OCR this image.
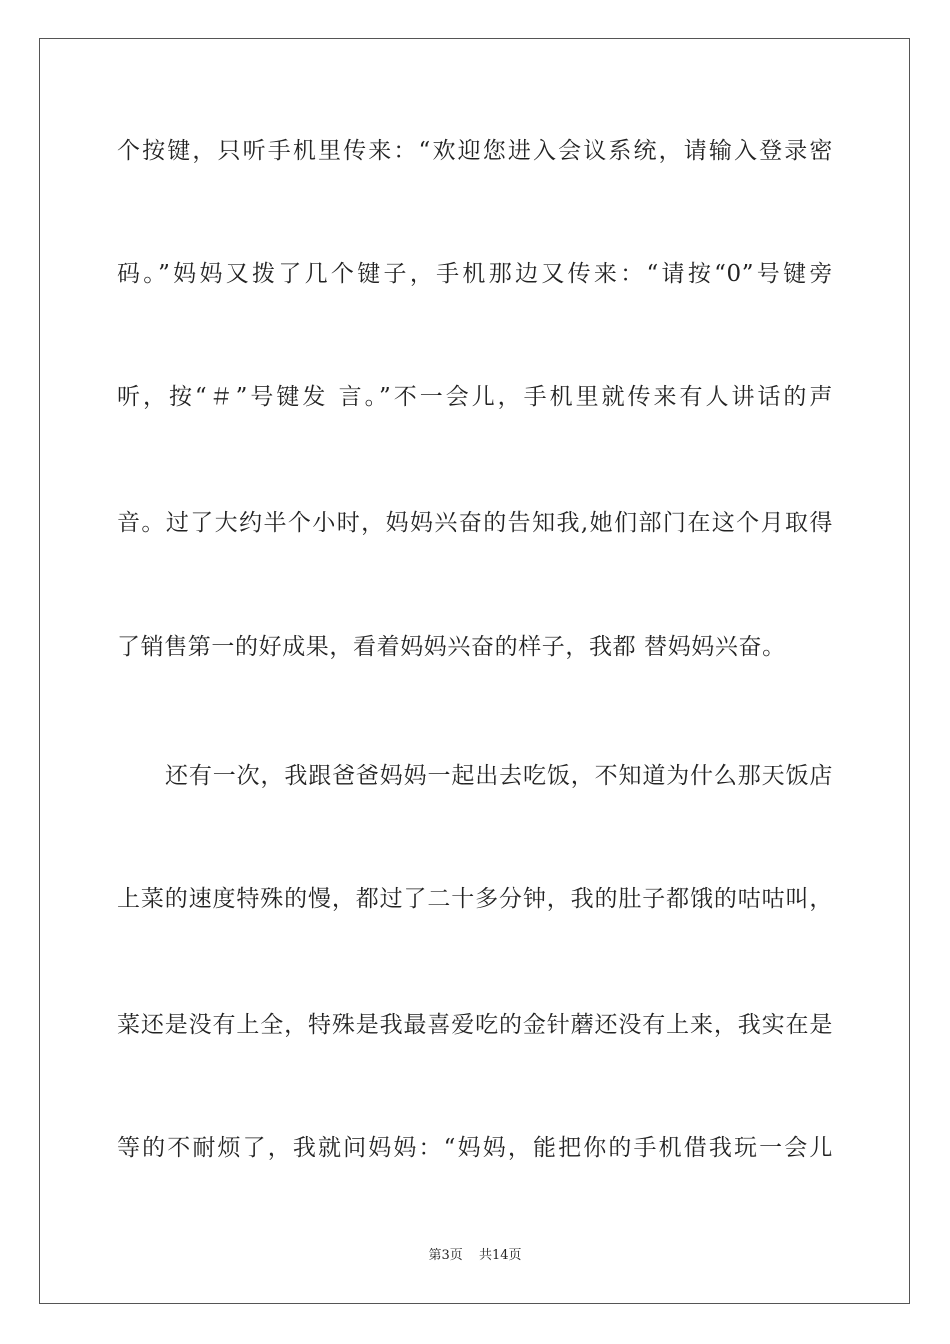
个按键，只听手机里传来：“欢迎您进入会议系统，请输入登录密
码。”妈妈又拨了几个键子，手机那边又传来：“请按“0”号键旁
听，按“＃”号键发 言。”不一会儿，手机里就传来有人讲话的声
音。过了大约半个小时，妈妈兴奋的告知我,她们部门在这个月取得
了销售第一的好成果，看着妈妈兴奋的样子，我都 替妈妈兴奋。
还有一次，我跟爸爸妈妈一起出去吃饭，不知道为什么那天饭店
上菜的速度特殊的慢，都过了二十多分钟，我的肚子都饿的咕咕叫，
菜还是没有上全，特殊是我最喜爱吃的金针蘑还没有上来，我实在是
等的不耐烦了，我就问妈妈：“妈妈，能把你的手机借我玩一会儿
第3页 共14页
